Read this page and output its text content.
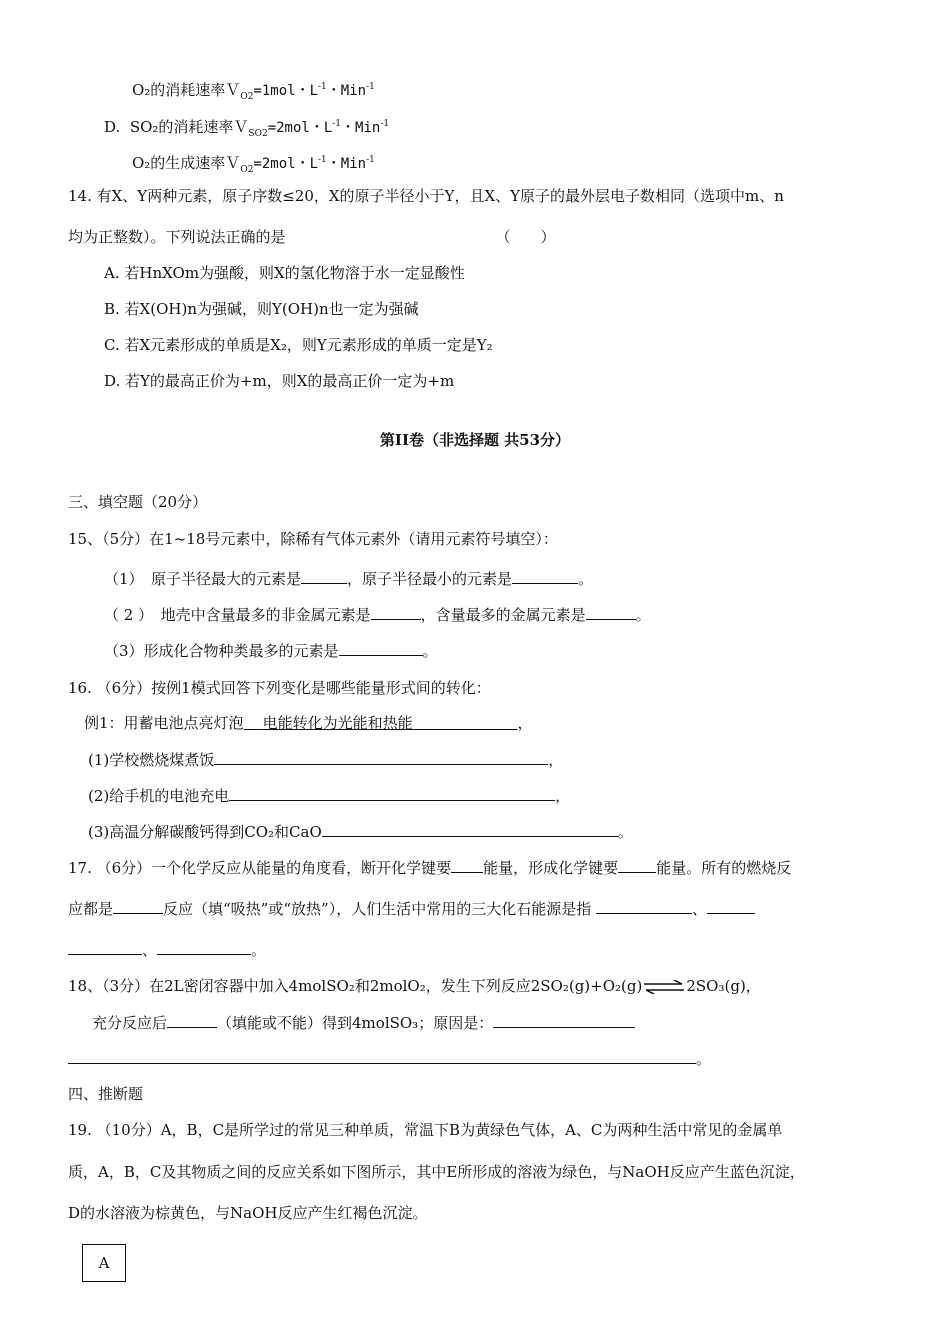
O₂的消耗速率Ｖ$_{O2}$=1mol・$L^{-1}$・Min$^{-1}$
D. SO₂的消耗速率Ｖ$_{SO2}$=2mol・$L^{-1}$・Min$^{-1}$
O₂的生成速率Ｖ$_{O2}$=2mol・$L^{-1}$・Min$^{-1}$
14. 有X、Y两种元素，原子序数≤20，X的原子半径小于Y，且X、Y原子的最外层电子数相同（选项中m、n
均为正整数）。下列说法正确的是	（　　）
A. 若HnXOm为强酸，则X的氢化物溶于水一定显酸性
B. 若X(OH)n为强碱，则Y(OH)n也一定为强碱
C. 若X元素形成的单质是X₂，则Y元素形成的单质一定是Y₂
D. 若Y的最高正价为+m，则X的最高正价一定为+m
第II卷（非选择题 共53分）
三、填空题（20分）
15、（5分）在1~18号元素中，除稀有气体元素外（请用元素符号填空）：
（1）　原子半径最大的元素是	，原子半径最小的元素是	。
（ 2 ）　地壳中含量最多的非金属元素是	，含量最多的金属元素是	。
（3）形成化合物种类最多的元素是	。
16. （6分）按例1模式回答下列变化是哪些能量形式间的转化：
例1：用蓄电池点亮灯泡 电能转化为光能和热能	，
(1)学校燃烧煤煮饭	，
(2)给手机的电池充电	，
(3)高温分解碳酸钙得到CO₂和CaO	。
17. （6分）一个化学反应从能量的角度看，断开化学键要 能量，形成化学键要	能量。所有的燃烧反
应都是	反应（填“吸热”或“放热”），人们生活中常用的三大化石能源是指	、
、	。
18、（3分）在2L密闭容器中加入4molSO₂和2molO₂，发生下列反应2SO₂(g)+O₂(g)⇌2SO₃(g)，
充分反应后	（填能或不能）得到4molSO₃；原因是：
。
四、推断题
19. （10分）A，B，C是所学过的常见三种单质，常温下B为黄绿色气体，A、C为两种生活中常见的金属单
质，A，B，C及其物质之间的反应关系如下图所示，其中E所形成的溶液为绿色，与NaOH反应产生蓝色沉淀，
D的水溶液为棕黄色，与NaOH反应产生红褐色沉淀。
A
